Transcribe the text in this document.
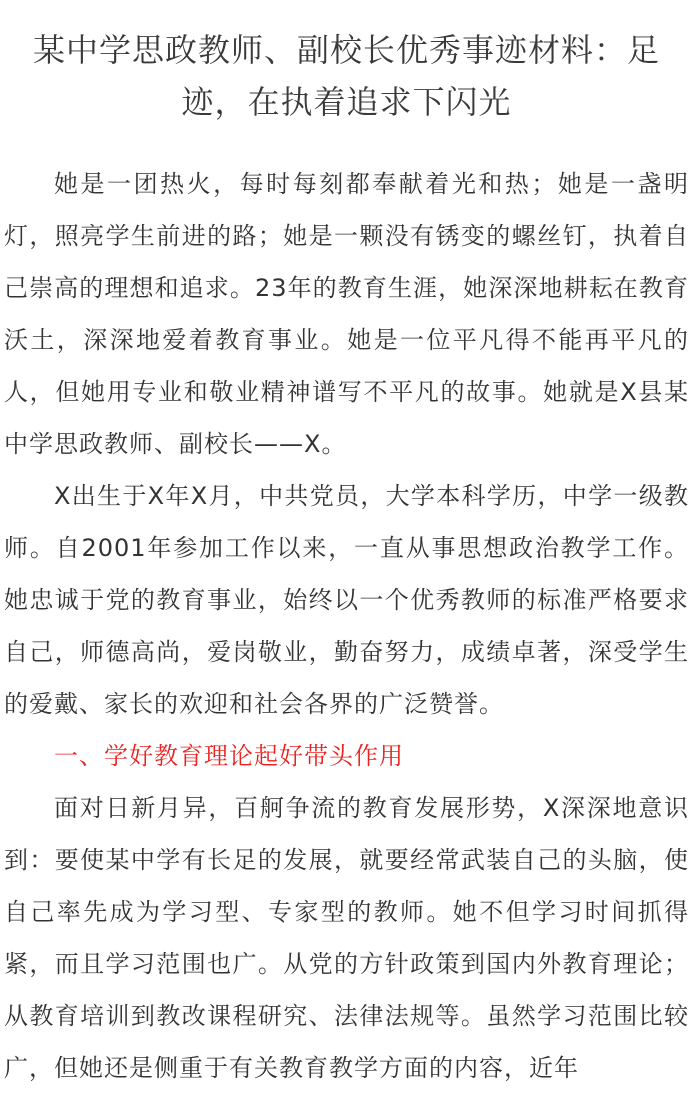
某中学思政教师、副校长优秀事迹材料：足迹，在执着追求下闪光

她是一团热火，每时每刻都奉献着光和热；她是一盏明灯，照亮学生前进的路；她是一颗没有锈变的螺丝钉，执着自己崇高的理想和追求。23年的教育生涯，她深深地耕耘在教育沃土，深深地爱着教育事业。她是一位平凡得不能再平凡的人，但她用专业和敬业精神谱写不平凡的故事。她就是X县某中学思政教师、副校长——X。

X出生于X年X月，中共党员，大学本科学历，中学一级教师。自2001年参加工作以来，一直从事思想政治教学工作。她忠诚于党的教育事业，始终以一个优秀教师的标准严格要求自己，师德高尚，爱岗敬业，勤奋努力，成绩卓著，深受学生的爱戴、家长的欢迎和社会各界的广泛赞誉。

一、学好教育理论起好带头作用

面对日新月异，百舸争流的教育发展形势，X深深地意识到：要使某中学有长足的发展，就要经常武装自己的头脑，使自己率先成为学习型、专家型的教师。她不但学习时间抓得紧，而且学习范围也广。从党的方针政策到国内外教育理论；从教育培训到教改课程研究、法律法规等。虽然学习范围比较广，但她还是侧重于有关教育教学方面的内容，近年
